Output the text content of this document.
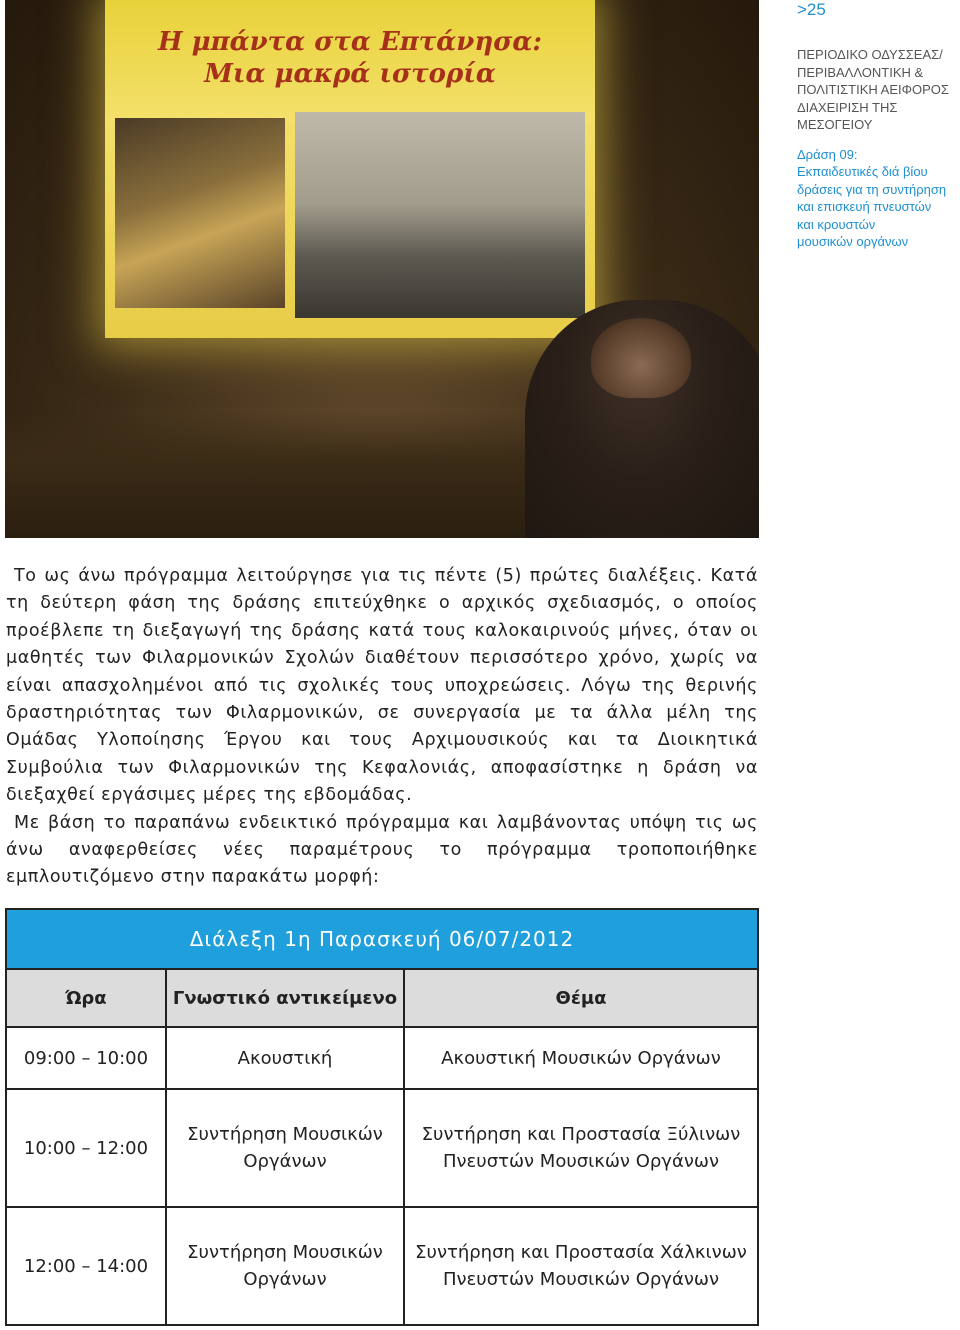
Η μπάντα στα Επτάνησα:
Μια μακρά ιστορία
>25
ΠΕΡΙΟΔΙΚΟ ΟΔΥΣΣΕΑΣ/
ΠΕΡΙΒΑΛΛΟΝΤΙΚΗ &
ΠΟΛΙΤΙΣΤΙΚΗ ΑΕΙΦΟΡΟΣ
ΔΙΑΧΕΙΡΙΣΗ ΤΗΣ ΜΕΣΟΓΕΙΟΥ
Δράση 09:
Εκπαιδευτικές διά βίου
δράσεις για τη συντήρηση
και επισκευή πνευστών
και κρουστών
μουσικών οργάνων

Το ως άνω πρόγραμμα λειτούργησε για τις πέντε (5) πρώτες διαλέξεις. Κατά τη δεύτερη φάση της δράσης επιτεύχθηκε ο αρχικός σχεδιασμός, ο οποίος προέβλεπε τη διεξαγωγή της δράσης κατά τους καλοκαιρινούς μήνες, όταν οι μαθητές των Φιλαρμονικών Σχολών διαθέτουν περισσότερο χρόνο, χωρίς να είναι απασχολημένοι από τις σχολικές τους υποχρεώσεις. Λόγω της θερινής δραστηριότητας των Φιλαρμονικών, σε συνεργασία με τα άλλα μέλη της Ομάδας Υλοποίησης Έργου και τους Αρχιμουσικούς και τα Διοικητικά Συμβούλια των Φιλαρμονικών της Κεφαλονιάς, αποφασίστηκε η δράση να διεξαχθεί εργάσιμες μέρες της εβδομάδας.

Με βάση το παραπάνω ενδεικτικό πρόγραμμα και λαμβάνοντας υπόψη τις ως άνω αναφερθείσες νέες παραμέτρους το πρόγραμμα τροποποιήθηκε εμπλουτιζόμενο στην παρακάτω μορφή:

Διάλεξη 1η Παρασκευή 06/07/2012		
Ώρα	Γνωστικό αντικείμενο	Θέμα
09:00 – 10:00	Ακουστική	Ακουστική Μουσικών Οργάνων
10:00 – 12:00	Συντήρηση Μουσικών Οργάνων	Συντήρηση και Προστασία Ξύλινων Πνευστών Μουσικών Οργάνων
12:00 – 14:00	Συντήρηση Μουσικών Οργάνων	Συντήρηση και Προστασία Χάλκινων Πνευστών Μουσικών Οργάνων
